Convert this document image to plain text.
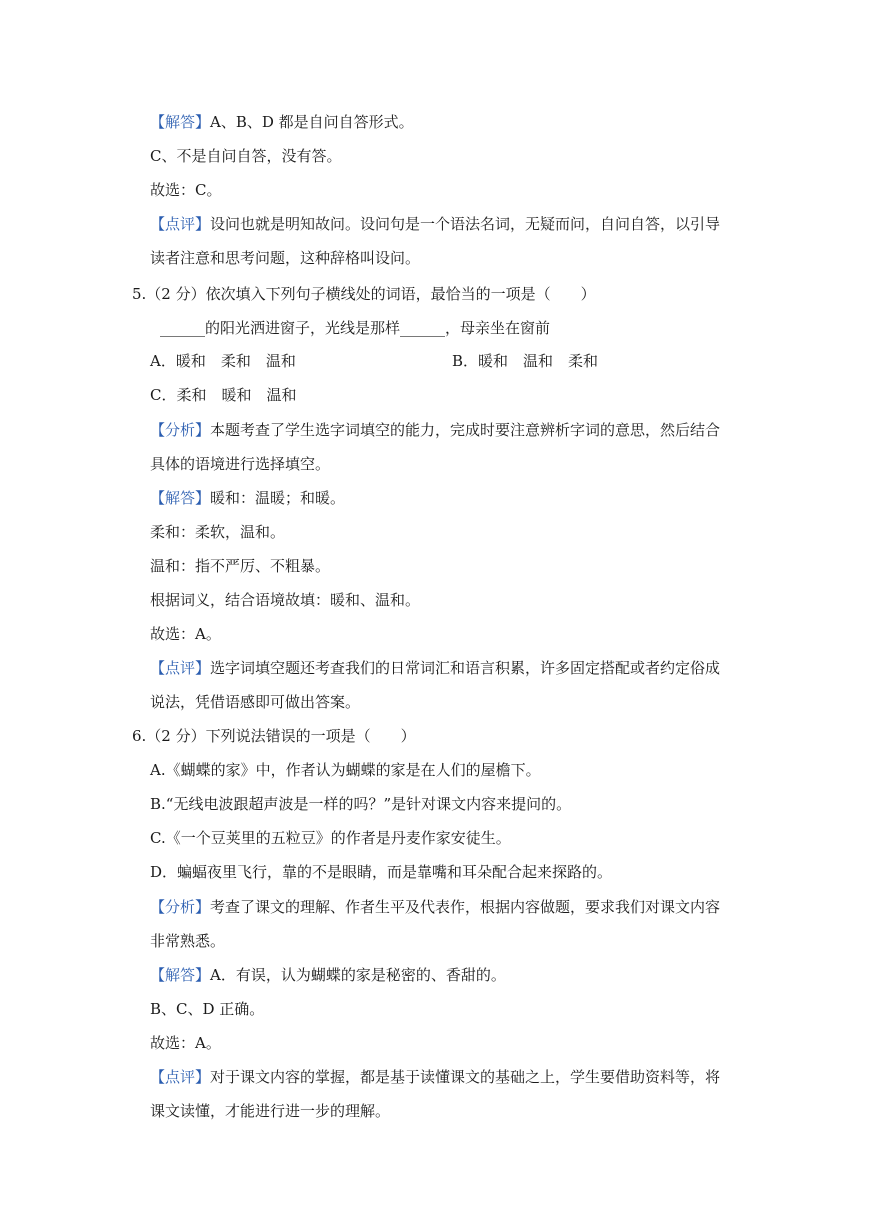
【解答】A、B、D 都是自问自答形式。
C、不是自问自答，没有答。
故选：C。
【点评】设问也就是明知故问。设问句是一个语法名词，无疑而问，自问自答，以引导
读者注意和思考问题，这种辞格叫设问。
5.（2 分）依次填入下列句子横线处的词语，最恰当的一项是（　　）
______的阳光洒进窗子，光线是那样______，母亲坐在窗前
A．暖和　柔和　温和	B．暖和　温和　柔和
C．柔和　暖和　温和
【分析】本题考查了学生选字词填空的能力，完成时要注意辨析字词的意思，然后结合
具体的语境进行选择填空。
【解答】暖和：温暖；和暖。
柔和：柔软，温和。
温和：指不严厉、不粗暴。
根据词义，结合语境故填：暖和、温和。
故选：A。
【点评】选字词填空题还考查我们的日常词汇和语言积累，许多固定搭配或者约定俗成
说法，凭借语感即可做出答案。
6.（2 分）下列说法错误的一项是（　　）
A.《蝴蝶的家》中，作者认为蝴蝶的家是在人们的屋檐下。
B.“无线电波跟超声波是一样的吗？”是针对课文内容来提问的。
C.《一个豆荚里的五粒豆》的作者是丹麦作家安徒生。
D．蝙蝠夜里飞行，靠的不是眼睛，而是靠嘴和耳朵配合起来探路的。
【分析】考查了课文的理解、作者生平及代表作，根据内容做题，要求我们对课文内容
非常熟悉。
【解答】A．有误，认为蝴蝶的家是秘密的、香甜的。
B、C、D 正确。
故选：A。
【点评】对于课文内容的掌握，都是基于读懂课文的基础之上，学生要借助资料等，将
课文读懂，才能进行进一步的理解。
